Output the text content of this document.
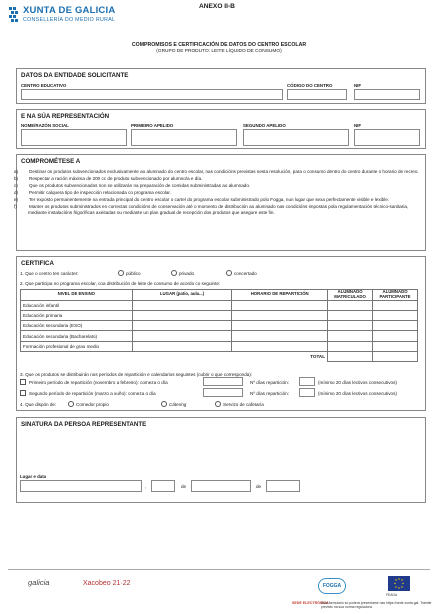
XUNTA DE GALICIA
CONSELLERÍA DO MEDIO RURAL
ANEXO II-B
COMPROMISOS E CERTIFICACIÓN DE DATOS DO CENTRO ESCOLAR
(GRUPO DE PRODUTO: LEITE LÍQUIDO DE CONSUMO)
DATOS DA ENTIDADE SOLICITANTE
CENTRO EDUCATIVO	CÓDIGO DO CENTRO	NIF
E NA SÚA REPRESENTACIÓN
NOME/RAZÓN SOCIAL	PRIMEIRO APELIDO	SEGUNDO APELIDO	NIF
COMPROMÉTESE A
a) Destinar os produtos subvencionados exclusivamente ao alumnado do centro escolar, nas condicións previstas nesta resolución, para o consumo dentro do centro durante o horario de recreo.
b) Respectar a ración máxima de 200 cc de produto subvencionado por alumno/a e día.
c) Que os produtos subvencionados non se utilizarán na preparación de comidas subministradas ao alumnado.
d) Permitir calquera tipo de inspección relacionada co programa escolar.
e) Ter exposto permanentemente na entrada principal do centro escolar o cartel do programa escolar subministrado polo Fogga, nun lugar que sexa perfectamente visible e lexible.
f)	Manter os produtos subministrados en correctas condicións de conservación até o momento de distribución ao alumnado nas condicións impostas pola regulamentación técnico-sanitaria, mediante instalacións frigoríficas axeitadas ou mediante un plan gradual de recepción dos produtos que asegure este fin.
CERTIFICA
1. Que o centro ten carácter:	público	privado	concertado
2. Que participa no programa escolar, coa distribución de leite de consumo de acordo co seguinte:
NIVEL DE ENSINO	LUGAR (patio, aula...)	HORARIO DE REPARTICIÓN	ALUMNADO MATRICULADO	ALUMNADO PARTICIPANTE
Educación infantil				
Educación primaria				
Educación secundaria (ESO)				
Educación secundaria (Bacharelato)				
Formación profesional de grao medio				
		TOTAL		
3. Que os produtos se distribuirán nos períodos de repartición e calendarios seguintes (cubrir o que corresponda):
Primeiro período de repartición (novembro a febreiro): comeza o día	Nº días repartición:	(mínimo 20 días lectivos consecutivos)
Segundo período de repartición (marzo a xuño): comeza o día	Nº días repartición:	(mínimo 20 días lectivos consecutivos)
4. Que dispón de:	Comedor propio	Cátering	Servizo de cafetaría
SINATURA DA PERSOA REPRESENTANTE
Lugar e data
,	de	de
galicia	Xacobeo 21·22	FOGGA
FEAGA
SEDE ELECTRÓNICA
Este formulario só poderá presentarse nas https://sede.xunta.gal. Trámite previsto na súa norma reguladora.
